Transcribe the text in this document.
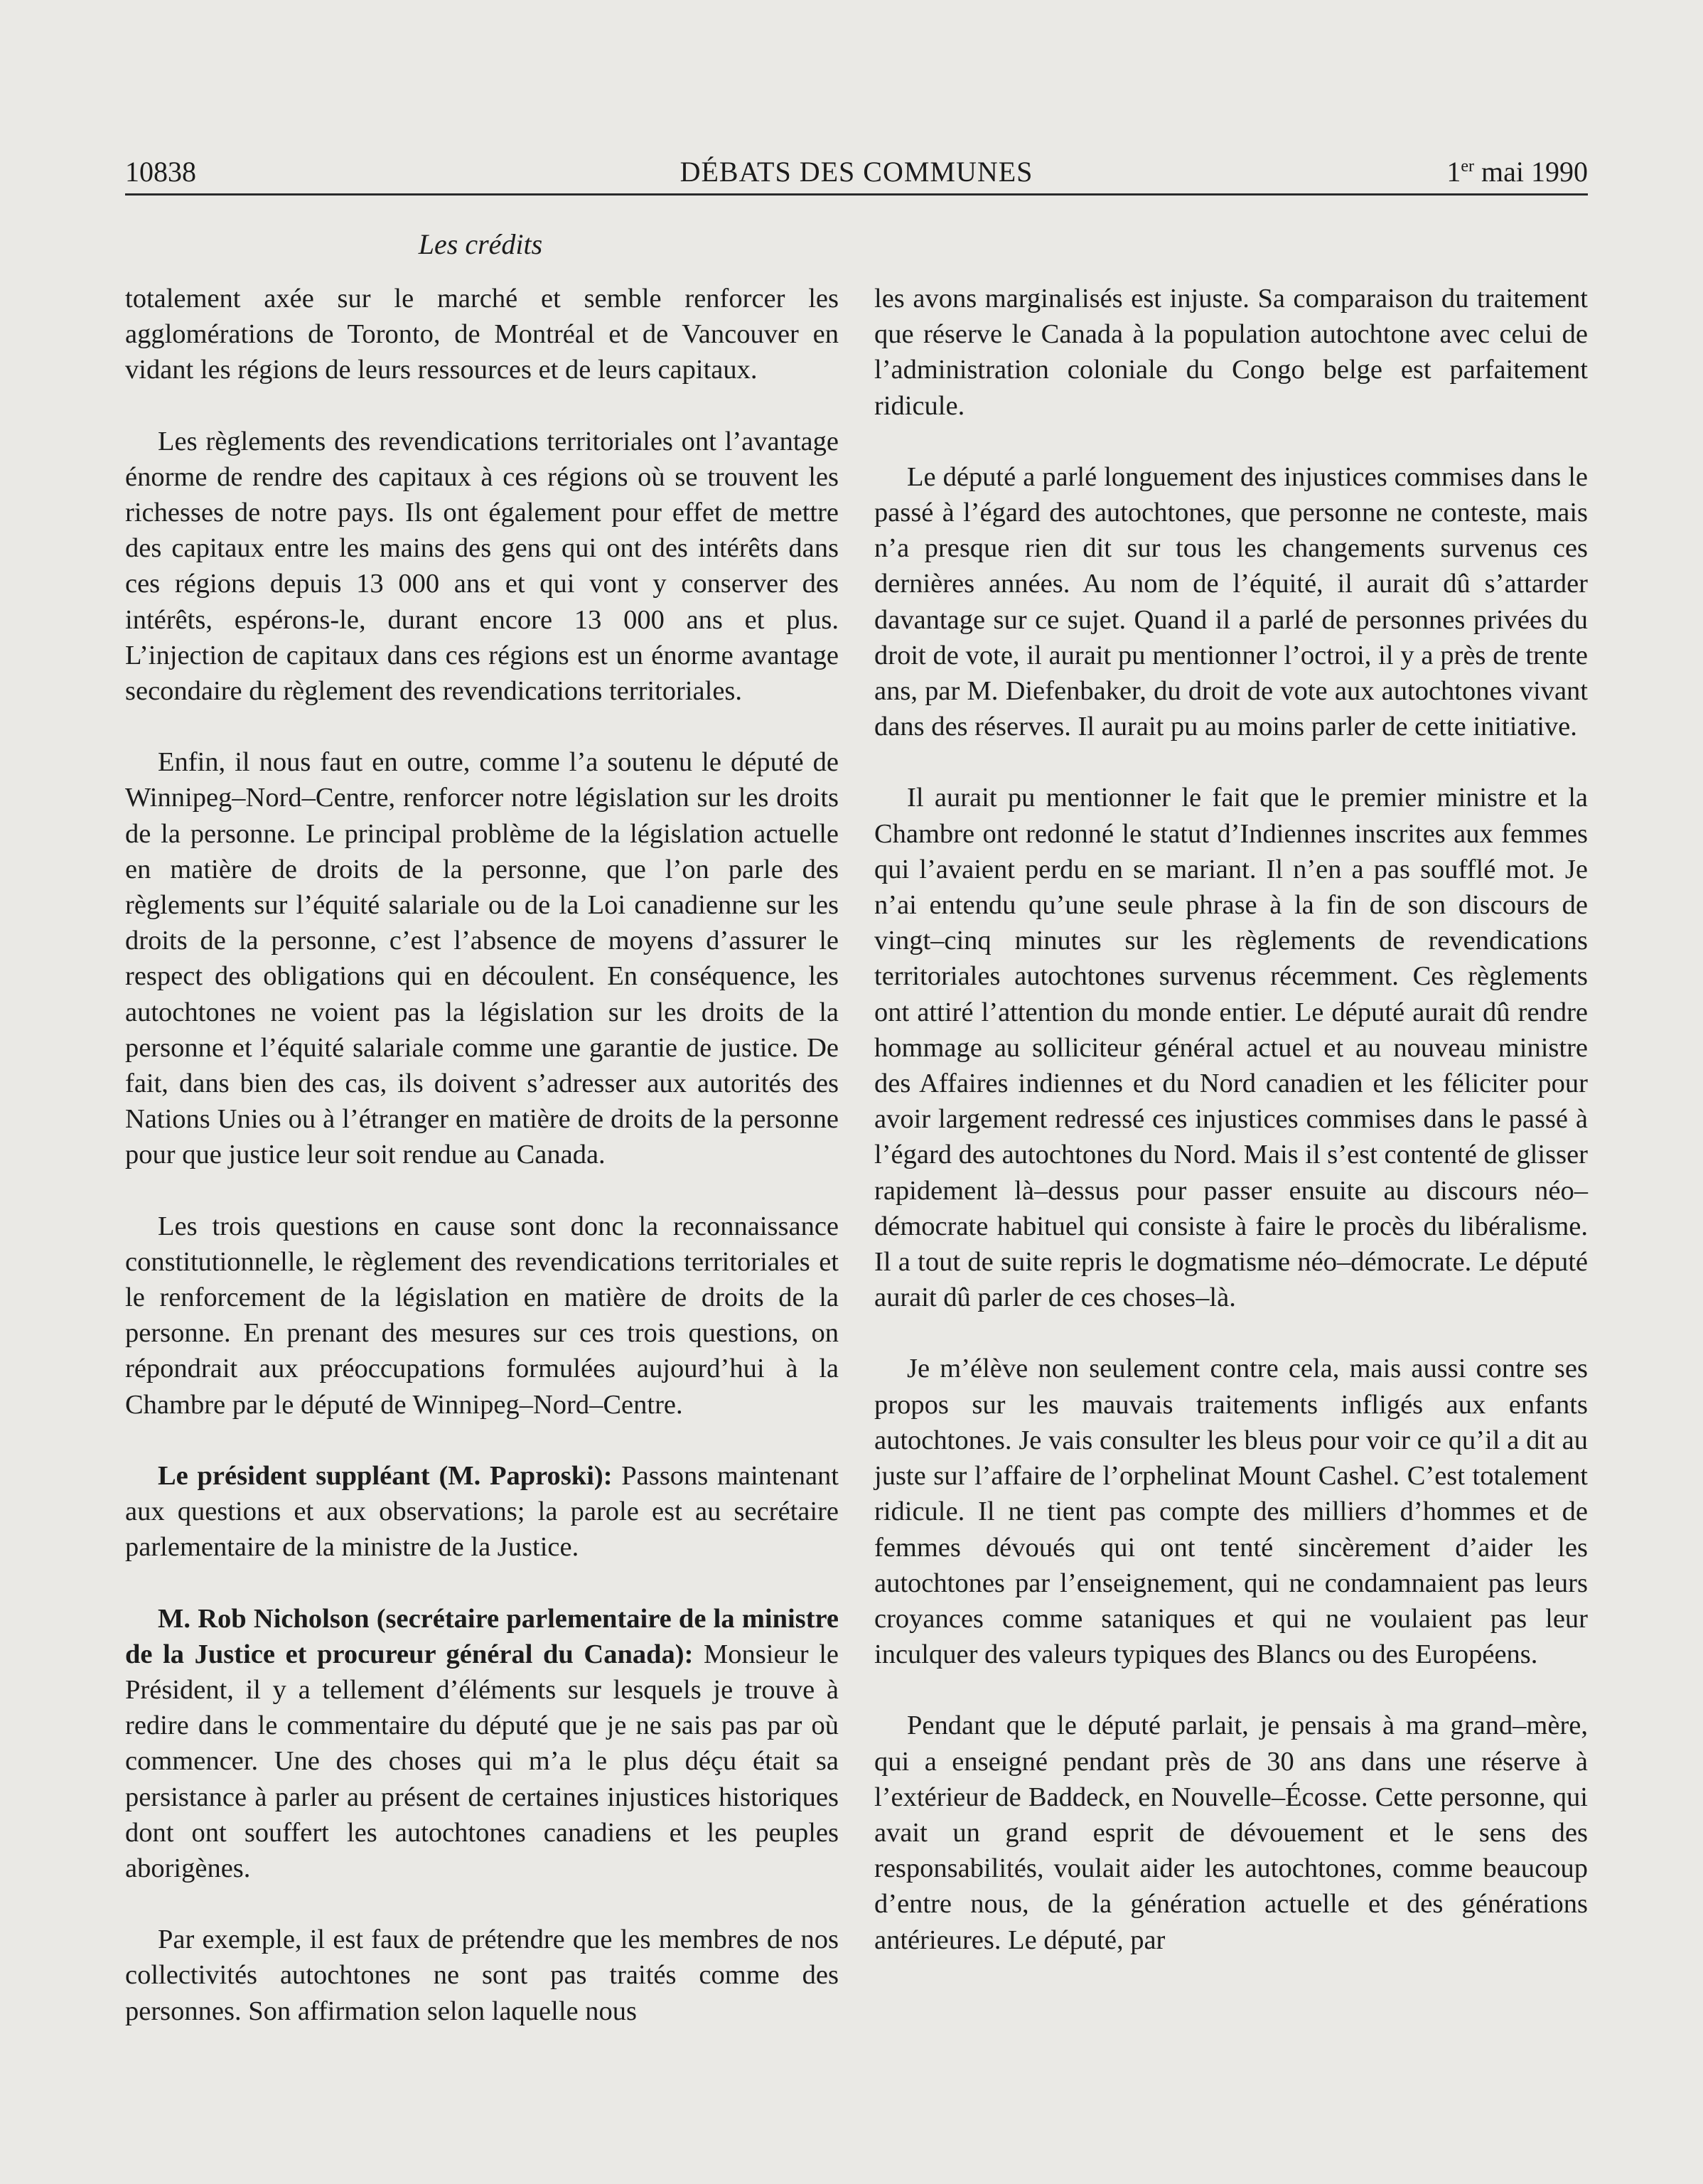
10838	DÉBATS DES COMMUNES	1er mai 1990
Les crédits

totalement axée sur le marché et semble renforcer les agglomérations de Toronto, de Montréal et de Vancouver en vidant les régions de leurs ressources et de leurs capitaux.

Les règlements des revendications territoriales ont l’avantage énorme de rendre des capitaux à ces régions où se trouvent les richesses de notre pays. Ils ont également pour effet de mettre des capitaux entre les mains des gens qui ont des intérêts dans ces régions depuis 13 000 ans et qui vont y conserver des intérêts, espérons-le, durant encore 13 000 ans et plus. L’injection de capitaux dans ces régions est un énorme avantage secondaire du règlement des revendications territoriales.

Enfin, il nous faut en outre, comme l’a soutenu le député de Winnipeg–Nord–Centre, renforcer notre législation sur les droits de la personne. Le principal problème de la législation actuelle en matière de droits de la personne, que l’on parle des règlements sur l’équité salariale ou de la Loi canadienne sur les droits de la personne, c’est l’absence de moyens d’assurer le respect des obligations qui en découlent. En conséquence, les autochtones ne voient pas la législation sur les droits de la personne et l’équité salariale comme une garantie de justice. De fait, dans bien des cas, ils doivent s’adresser aux autorités des Nations Unies ou à l’étranger en matière de droits de la personne pour que justice leur soit rendue au Canada.

Les trois questions en cause sont donc la reconnaissance constitutionnelle, le règlement des revendications territoriales et le renforcement de la législation en matière de droits de la personne. En prenant des mesures sur ces trois questions, on répondrait aux préoccupations formulées aujourd’hui à la Chambre par le député de Winnipeg–Nord–Centre.

Le président suppléant (M. Paproski): Passons maintenant aux questions et aux observations; la parole est au secrétaire parlementaire de la ministre de la Justice.

M. Rob Nicholson (secrétaire parlementaire de la ministre de la Justice et procureur général du Canada): Monsieur le Président, il y a tellement d’éléments sur lesquels je trouve à redire dans le commentaire du député que je ne sais pas par où commencer. Une des choses qui m’a le plus déçu était sa persistance à parler au présent de certaines injustices historiques dont ont souffert les autochtones canadiens et les peuples aborigènes.

Par exemple, il est faux de prétendre que les membres de nos collectivités autochtones ne sont pas traités comme des personnes. Son affirmation selon laquelle nous

les avons marginalisés est injuste. Sa comparaison du traitement que réserve le Canada à la population autochtone avec celui de l’administration coloniale du Congo belge est parfaitement ridicule.

Le député a parlé longuement des injustices commises dans le passé à l’égard des autochtones, que personne ne conteste, mais n’a presque rien dit sur tous les changements survenus ces dernières années. Au nom de l’équité, il aurait dû s’attarder davantage sur ce sujet. Quand il a parlé de personnes privées du droit de vote, il aurait pu mentionner l’octroi, il y a près de trente ans, par M. Diefenbaker, du droit de vote aux autochtones vivant dans des réserves. Il aurait pu au moins parler de cette initiative.

Il aurait pu mentionner le fait que le premier ministre et la Chambre ont redonné le statut d’Indiennes inscrites aux femmes qui l’avaient perdu en se mariant. Il n’en a pas soufflé mot. Je n’ai entendu qu’une seule phrase à la fin de son discours de vingt–cinq minutes sur les règlements de revendications territoriales autochtones survenus récemment. Ces règlements ont attiré l’attention du monde entier. Le député aurait dû rendre hommage au solliciteur général actuel et au nouveau ministre des Affaires indiennes et du Nord canadien et les féliciter pour avoir largement redressé ces injustices commises dans le passé à l’égard des autochtones du Nord. Mais il s’est contenté de glisser rapidement là–dessus pour passer ensuite au discours néo–démocrate habituel qui consiste à faire le procès du libéralisme. Il a tout de suite repris le dogmatisme néo–démocrate. Le député aurait dû parler de ces choses–là.

Je m’élève non seulement contre cela, mais aussi contre ses propos sur les mauvais traitements infligés aux enfants autochtones. Je vais consulter les bleus pour voir ce qu’il a dit au juste sur l’affaire de l’orphelinat Mount Cashel. C’est totalement ridicule. Il ne tient pas compte des milliers d’hommes et de femmes dévoués qui ont tenté sincèrement d’aider les autochtones par l’enseignement, qui ne condamnaient pas leurs croyances comme sataniques et qui ne voulaient pas leur inculquer des valeurs typiques des Blancs ou des Européens.

Pendant que le député parlait, je pensais à ma grand–mère, qui a enseigné pendant près de 30 ans dans une réserve à l’extérieur de Baddeck, en Nouvelle–Écosse. Cette personne, qui avait un grand esprit de dévouement et le sens des responsabilités, voulait aider les autochtones, comme beaucoup d’entre nous, de la génération actuelle et des générations antérieures. Le député, par
